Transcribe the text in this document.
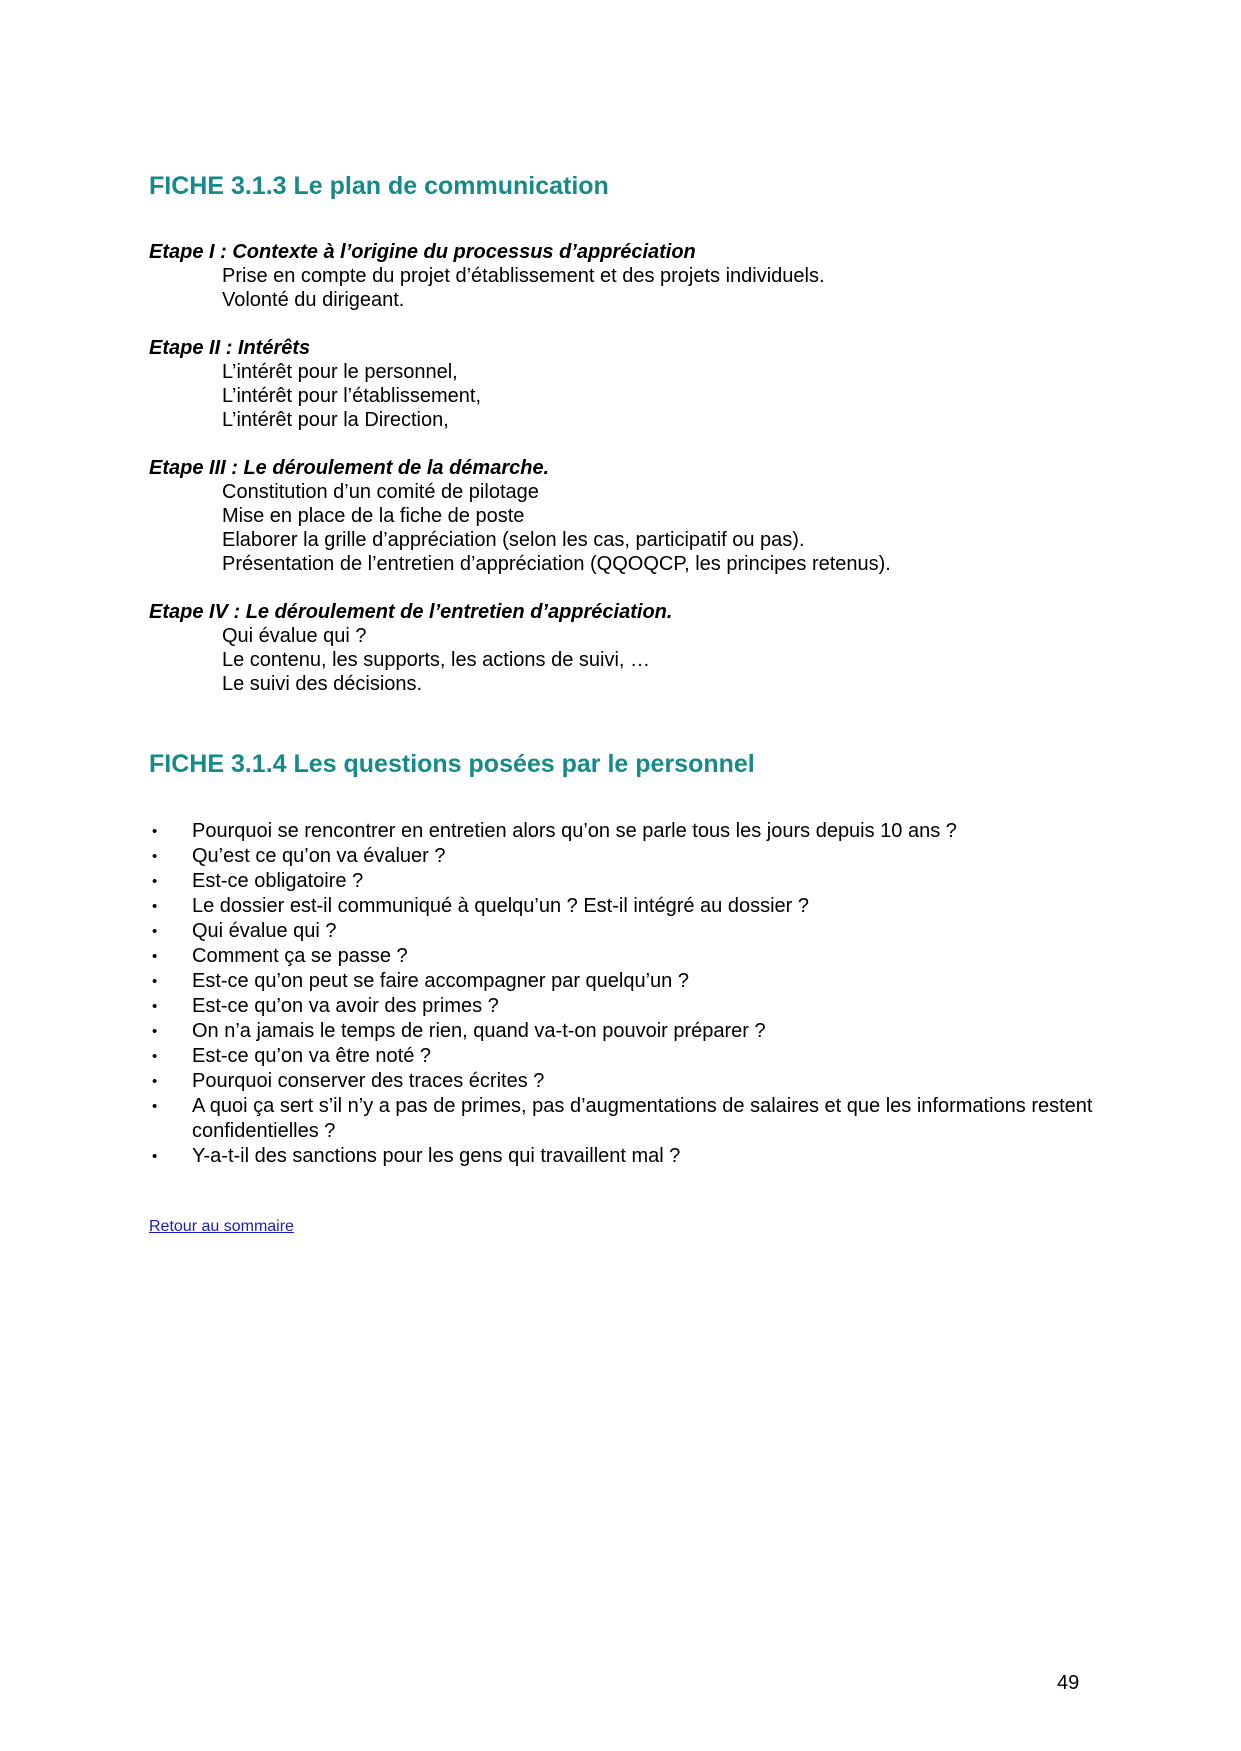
FICHE 3.1.3 Le plan de communication
Etape I : Contexte à l’origine du processus d’appréciation
Prise en compte du projet d’établissement et des projets individuels.
Volonté du dirigeant.
Etape II : Intérêts
L’intérêt pour le personnel,
L’intérêt pour l’établissement,
L’intérêt pour la Direction,
Etape III : Le déroulement de la démarche.
Constitution d’un comité de pilotage
Mise en place de la fiche de poste
Elaborer la grille d’appréciation (selon les cas, participatif ou pas).
Présentation de l’entretien d’appréciation (QQOQCP, les principes retenus).
Etape IV : Le déroulement de l’entretien d’appréciation.
Qui évalue qui ?
Le contenu, les supports, les actions de suivi, …
Le suivi des décisions.
FICHE 3.1.4 Les questions posées par le personnel
• Pourquoi se rencontrer en entretien alors qu’on se parle tous les jours depuis 10 ans ?
• Qu’est ce qu’on va évaluer ?
• Est-ce obligatoire ?
• Le dossier est-il communiqué à quelqu’un ? Est-il intégré au dossier ?
• Qui évalue qui ?
• Comment ça se passe ?
• Est-ce qu’on peut se faire accompagner par quelqu’un ?
• Est-ce qu’on va avoir des primes ?
• On n’a jamais le temps de rien, quand va-t-on pouvoir préparer ?
• Est-ce qu’on va être noté ?
• Pourquoi conserver des traces écrites ?
• A quoi ça sert s’il n’y a pas de primes, pas d’augmentations de salaires et que les informations restent confidentielles ?
• Y-a-t-il des sanctions pour les gens qui travaillent mal ?
Retour au sommaire
49
